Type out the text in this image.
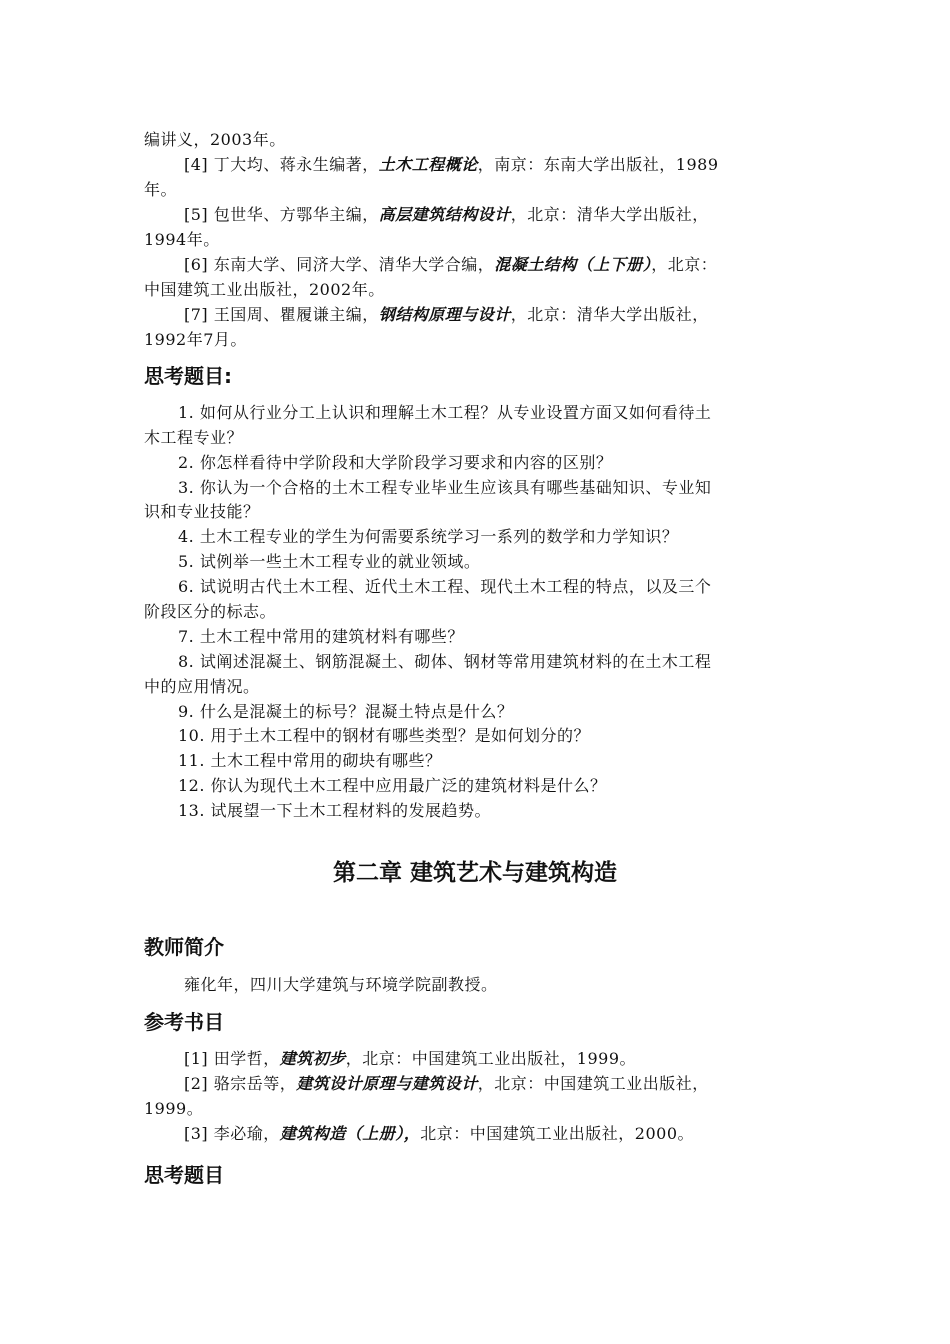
编讲义，2003年。
[4] 丁大均、蒋永生编著，土木工程概论，南京：东南大学出版社，1989
年。
[5] 包世华、方鄂华主编，高层建筑结构设计，北京：清华大学出版社，
1994年。
[6] 东南大学、同济大学、清华大学合编，混凝土结构（上下册），北京：
中国建筑工业出版社，2002年。
[7] 王国周、瞿履谦主编，钢结构原理与设计，北京：清华大学出版社，
1992年7月。
思考题目:
1. 如何从行业分工上认识和理解土木工程？从专业设置方面又如何看待土
木工程专业？
2. 你怎样看待中学阶段和大学阶段学习要求和内容的区别？
3. 你认为一个合格的土木工程专业毕业生应该具有哪些基础知识、专业知
识和专业技能？
4. 土木工程专业的学生为何需要系统学习一系列的数学和力学知识？
5. 试例举一些土木工程专业的就业领域。
6. 试说明古代土木工程、近代土木工程、现代土木工程的特点，以及三个
阶段区分的标志。
7. 土木工程中常用的建筑材料有哪些？
8. 试阐述混凝土、钢筋混凝土、砌体、钢材等常用建筑材料的在土木工程
中的应用情况。
9. 什么是混凝土的标号？混凝土特点是什么？
10. 用于土木工程中的钢材有哪些类型？是如何划分的？
11. 土木工程中常用的砌块有哪些？
12. 你认为现代土木工程中应用最广泛的建筑材料是什么？
13. 试展望一下土木工程材料的发展趋势。
第二章 建筑艺术与建筑构造
教师简介
雍化年，四川大学建筑与环境学院副教授。
参考书目
[1] 田学哲，建筑初步，北京：中国建筑工业出版社，1999。
[2] 骆宗岳等，建筑设计原理与建筑设计，北京：中国建筑工业出版社，
1999。
[3] 李必瑜，建筑构造（上册），北京：中国建筑工业出版社，2000。
思考题目
